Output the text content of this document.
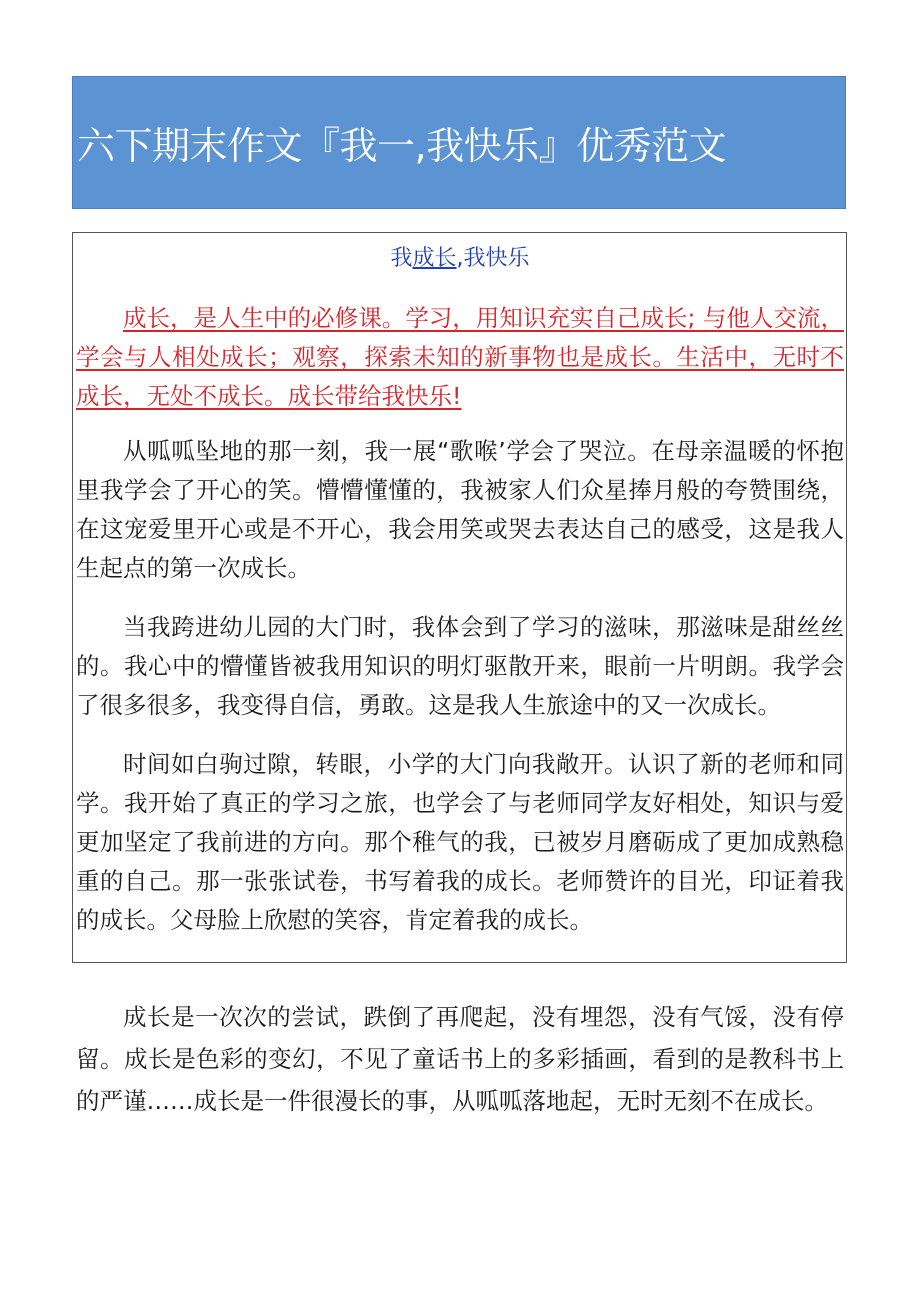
六下期末作文『我一,我快乐』优秀范文
我成长,我快乐

成长，是人生中的必修课。学习，用知识充实自己成长; 与他人交流，学会与人相处成长；观察，探索未知的新事物也是成长。生活中，无时不成长，无处不成长。成长带给我快乐!

从呱呱坠地的那一刻，我一展“歌喉’学会了哭泣。在母亲温暖的怀抱里我学会了开心的笑。懵懵懂懂的，我被家人们众星捧月般的夸赞围绕，在这宠爱里开心或是不开心，我会用笑或哭去表达自己的感受，这是我人生起点的第一次成长。

当我跨进幼儿园的大门时，我体会到了学习的滋味，那滋味是甜丝丝的。我心中的懵懂皆被我用知识的明灯驱散开来，眼前一片明朗。我学会了很多很多，我变得自信，勇敢。这是我人生旅途中的又一次成长。

时间如白驹过隙，转眼，小学的大门向我敞开。认识了新的老师和同学。我开始了真正的学习之旅，也学会了与老师同学友好相处，知识与爱更加坚定了我前进的方向。那个稚气的我，已被岁月磨砺成了更加成熟稳重的自己。那一张张试卷，书写着我的成长。老师赞许的目光，印证着我的成长。父母脸上欣慰的笑容，肯定着我的成长。

成长是一次次的尝试，跌倒了再爬起，没有埋怨，没有气馁，没有停留。成长是色彩的变幻，不见了童话书上的多彩插画，看到的是教科书上的严谨……成长是一件很漫长的事，从呱呱落地起，无时无刻不在成长。
